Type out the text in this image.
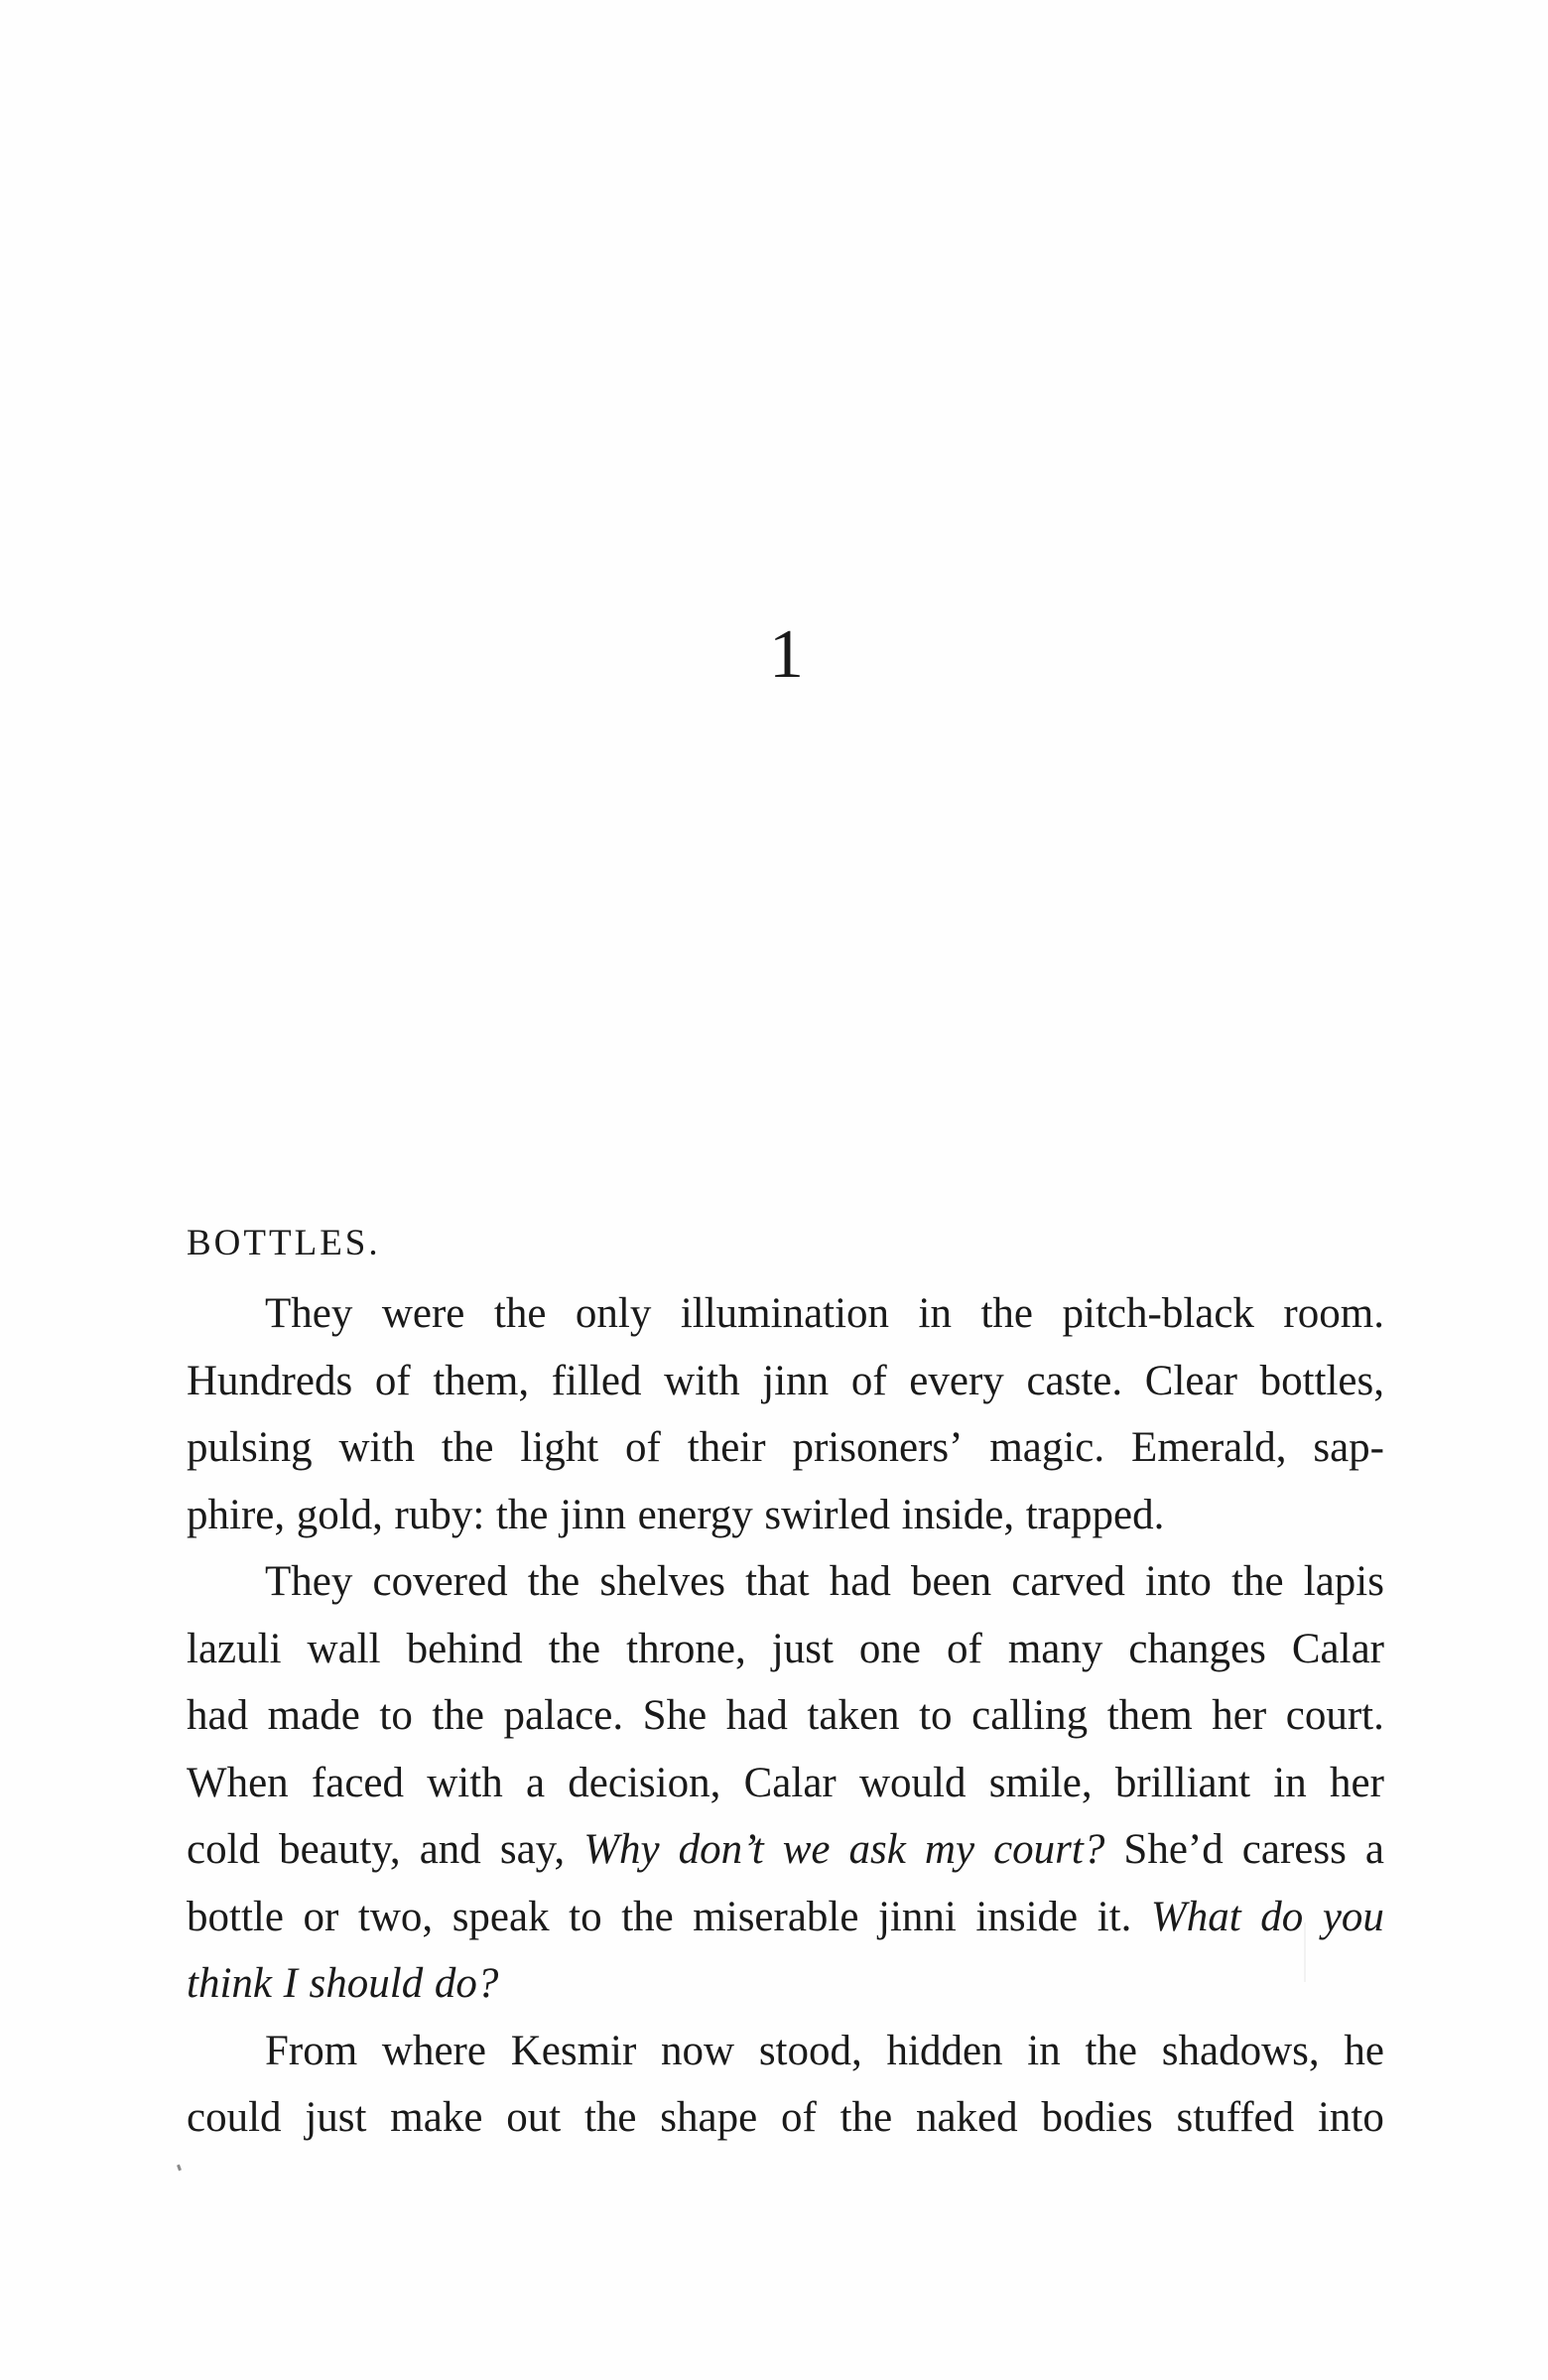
1
BOTTLES.
They were the only illumination in the pitch-black room.
Hundreds of them, filled with jinn of every caste. Clear bottles,
pulsing with the light of their prisoners’ magic. Emerald, sap-
phire, gold, ruby: the jinn energy swirled inside, trapped.
They covered the shelves that had been carved into the lapis
lazuli wall behind the throne, just one of many changes Calar
had made to the palace. She had taken to calling them her court.
When faced with a decision, Calar would smile, brilliant in her
cold beauty, and say, Why don’t we ask my court? She’d caress a
bottle or two, speak to the miserable jinni inside it. What do you
think I should do?
From where Kesmir now stood, hidden in the shadows, he
could just make out the shape of the naked bodies stuffed into
